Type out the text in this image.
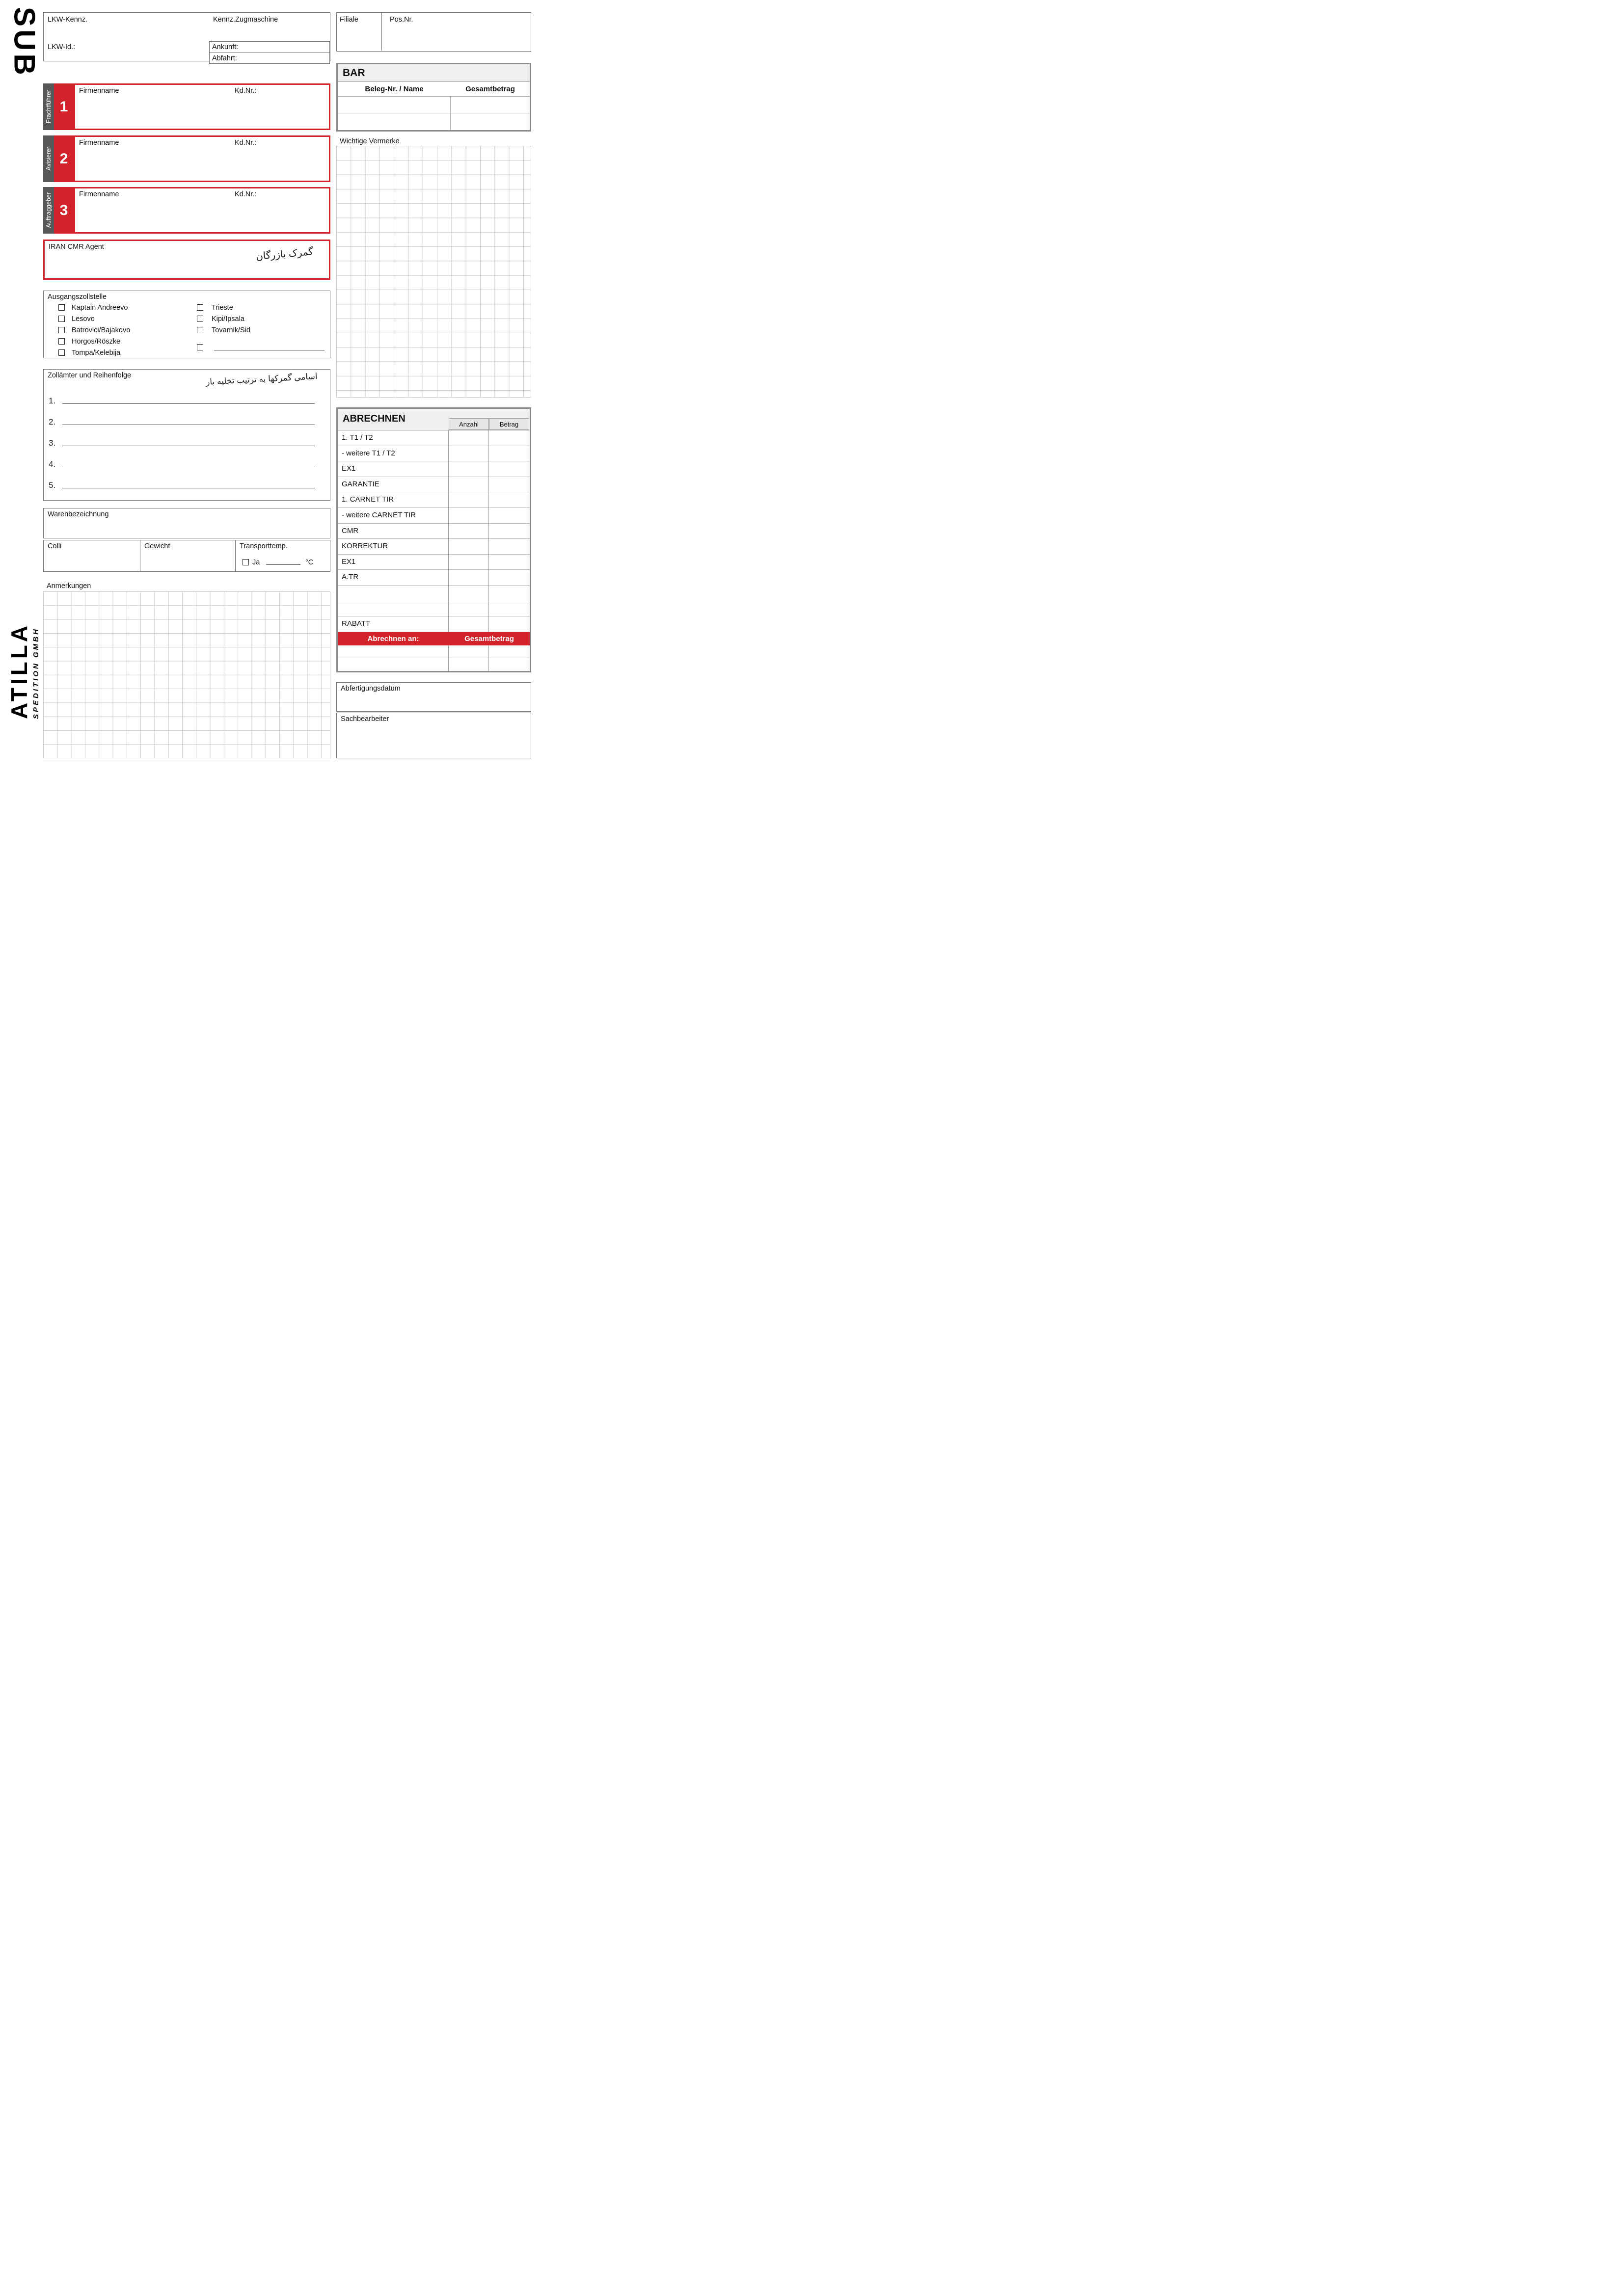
SUB LKW-Kennz.	Kennz.Zugmaschine
LKW-Id.:	Ankunft:
Abfahrt:
Filiale	Pos.Nr.
BAR
Beleg-Nr. / Name	Gesamtbetrag
Frachtführer 1
Firmenname	Kd.Nr.:
Avisierer 2
Firmenname	Kd.Nr.:
Auftraggeber 3
Firmenname	Kd.Nr.:
IRAN CMR Agent	گمرک بازرگان
Ausgangszollstelle
Kaptain Andreevo
Lesovo
Batrovici/Bajakovo
Horgos/Röszke
Tompa/Kelebija
Trieste
Kipi/Ipsala
Tovarnik/Sid
Zollämter und Reihenfolge	اسامی گمرکها به ترتیب تخلیه بار
1.
2.
3.
4.
5.
Warenbezeichnung
Colli	Gewicht	Transporttemp.
Ja	°C
Anmerkungen
Wichtige Vermerke
ABRECHNEN	Anzahl	Betrag
1. T1 / T2
- weitere T1 / T2
EX1
GARANTIE
1. CARNET TIR
- weitere CARNET TIR
CMR
KORREKTUR
EX1
A.TR
RABATT
Abrechnen an:	Gesamtbetrag
Abfertigungsdatum
Sachbearbeiter
ATILLA SPEDITION GMBH
